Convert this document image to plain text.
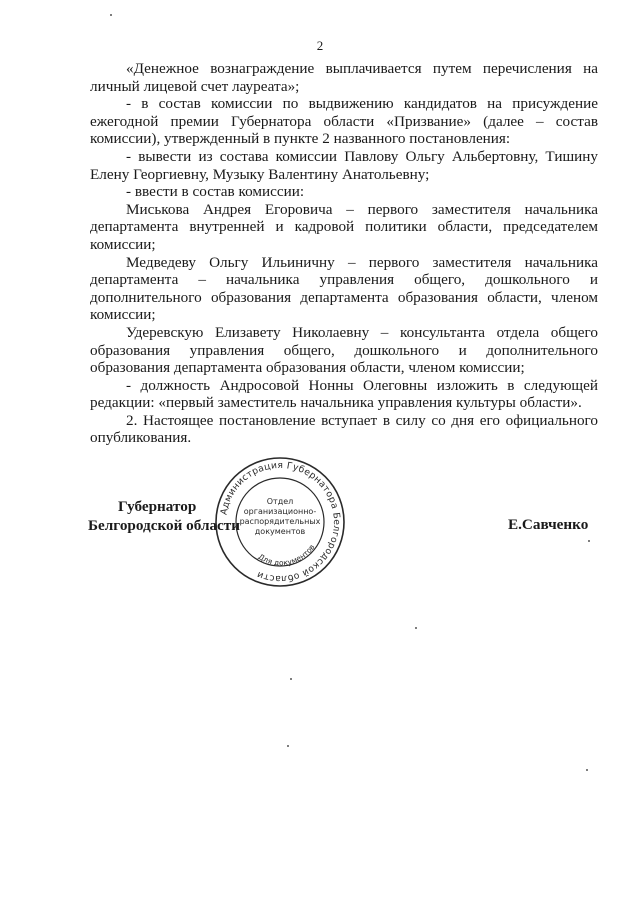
2

«Денежное вознаграждение выплачивается путем перечисления на личный лицевой счет лауреата»;

- в состав комиссии по выдвижению кандидатов на присуждение ежегодной премии Губернатора области «Призвание» (далее – состав комиссии), утвержденный в пункте 2 названного постановления:

- вывести из состава комиссии Павлову Ольгу Альбертовну, Тишину Елену Георгиевну, Музыку Валентину Анатольевну;

- ввести в состав комиссии:

Миськова Андрея Егоровича – первого заместителя начальника департамента внутренней и кадровой политики области, председателем комиссии;

Медведеву Ольгу Ильиничну – первого заместителя начальника департамента – начальника управления общего, дошкольного и дополнительного образования департамента образования области, членом комиссии;

Удеревскую Елизавету Николаевну – консультанта отдела общего образования управления общего, дошкольного и дополнительного образования департамента образования области, членом комиссии;

- должность Андросовой Нонны Олеговны изложить в следующей редакции: «первый заместитель начальника управления культуры области».

2. Настоящее постановление вступает в силу со дня его официального опубликования.

Губернатор
Белгородской области	Е.Савченко
Администрация Губернатора Белгородской области
Отдел
организационно-
распорядительных
документов
Для документов
